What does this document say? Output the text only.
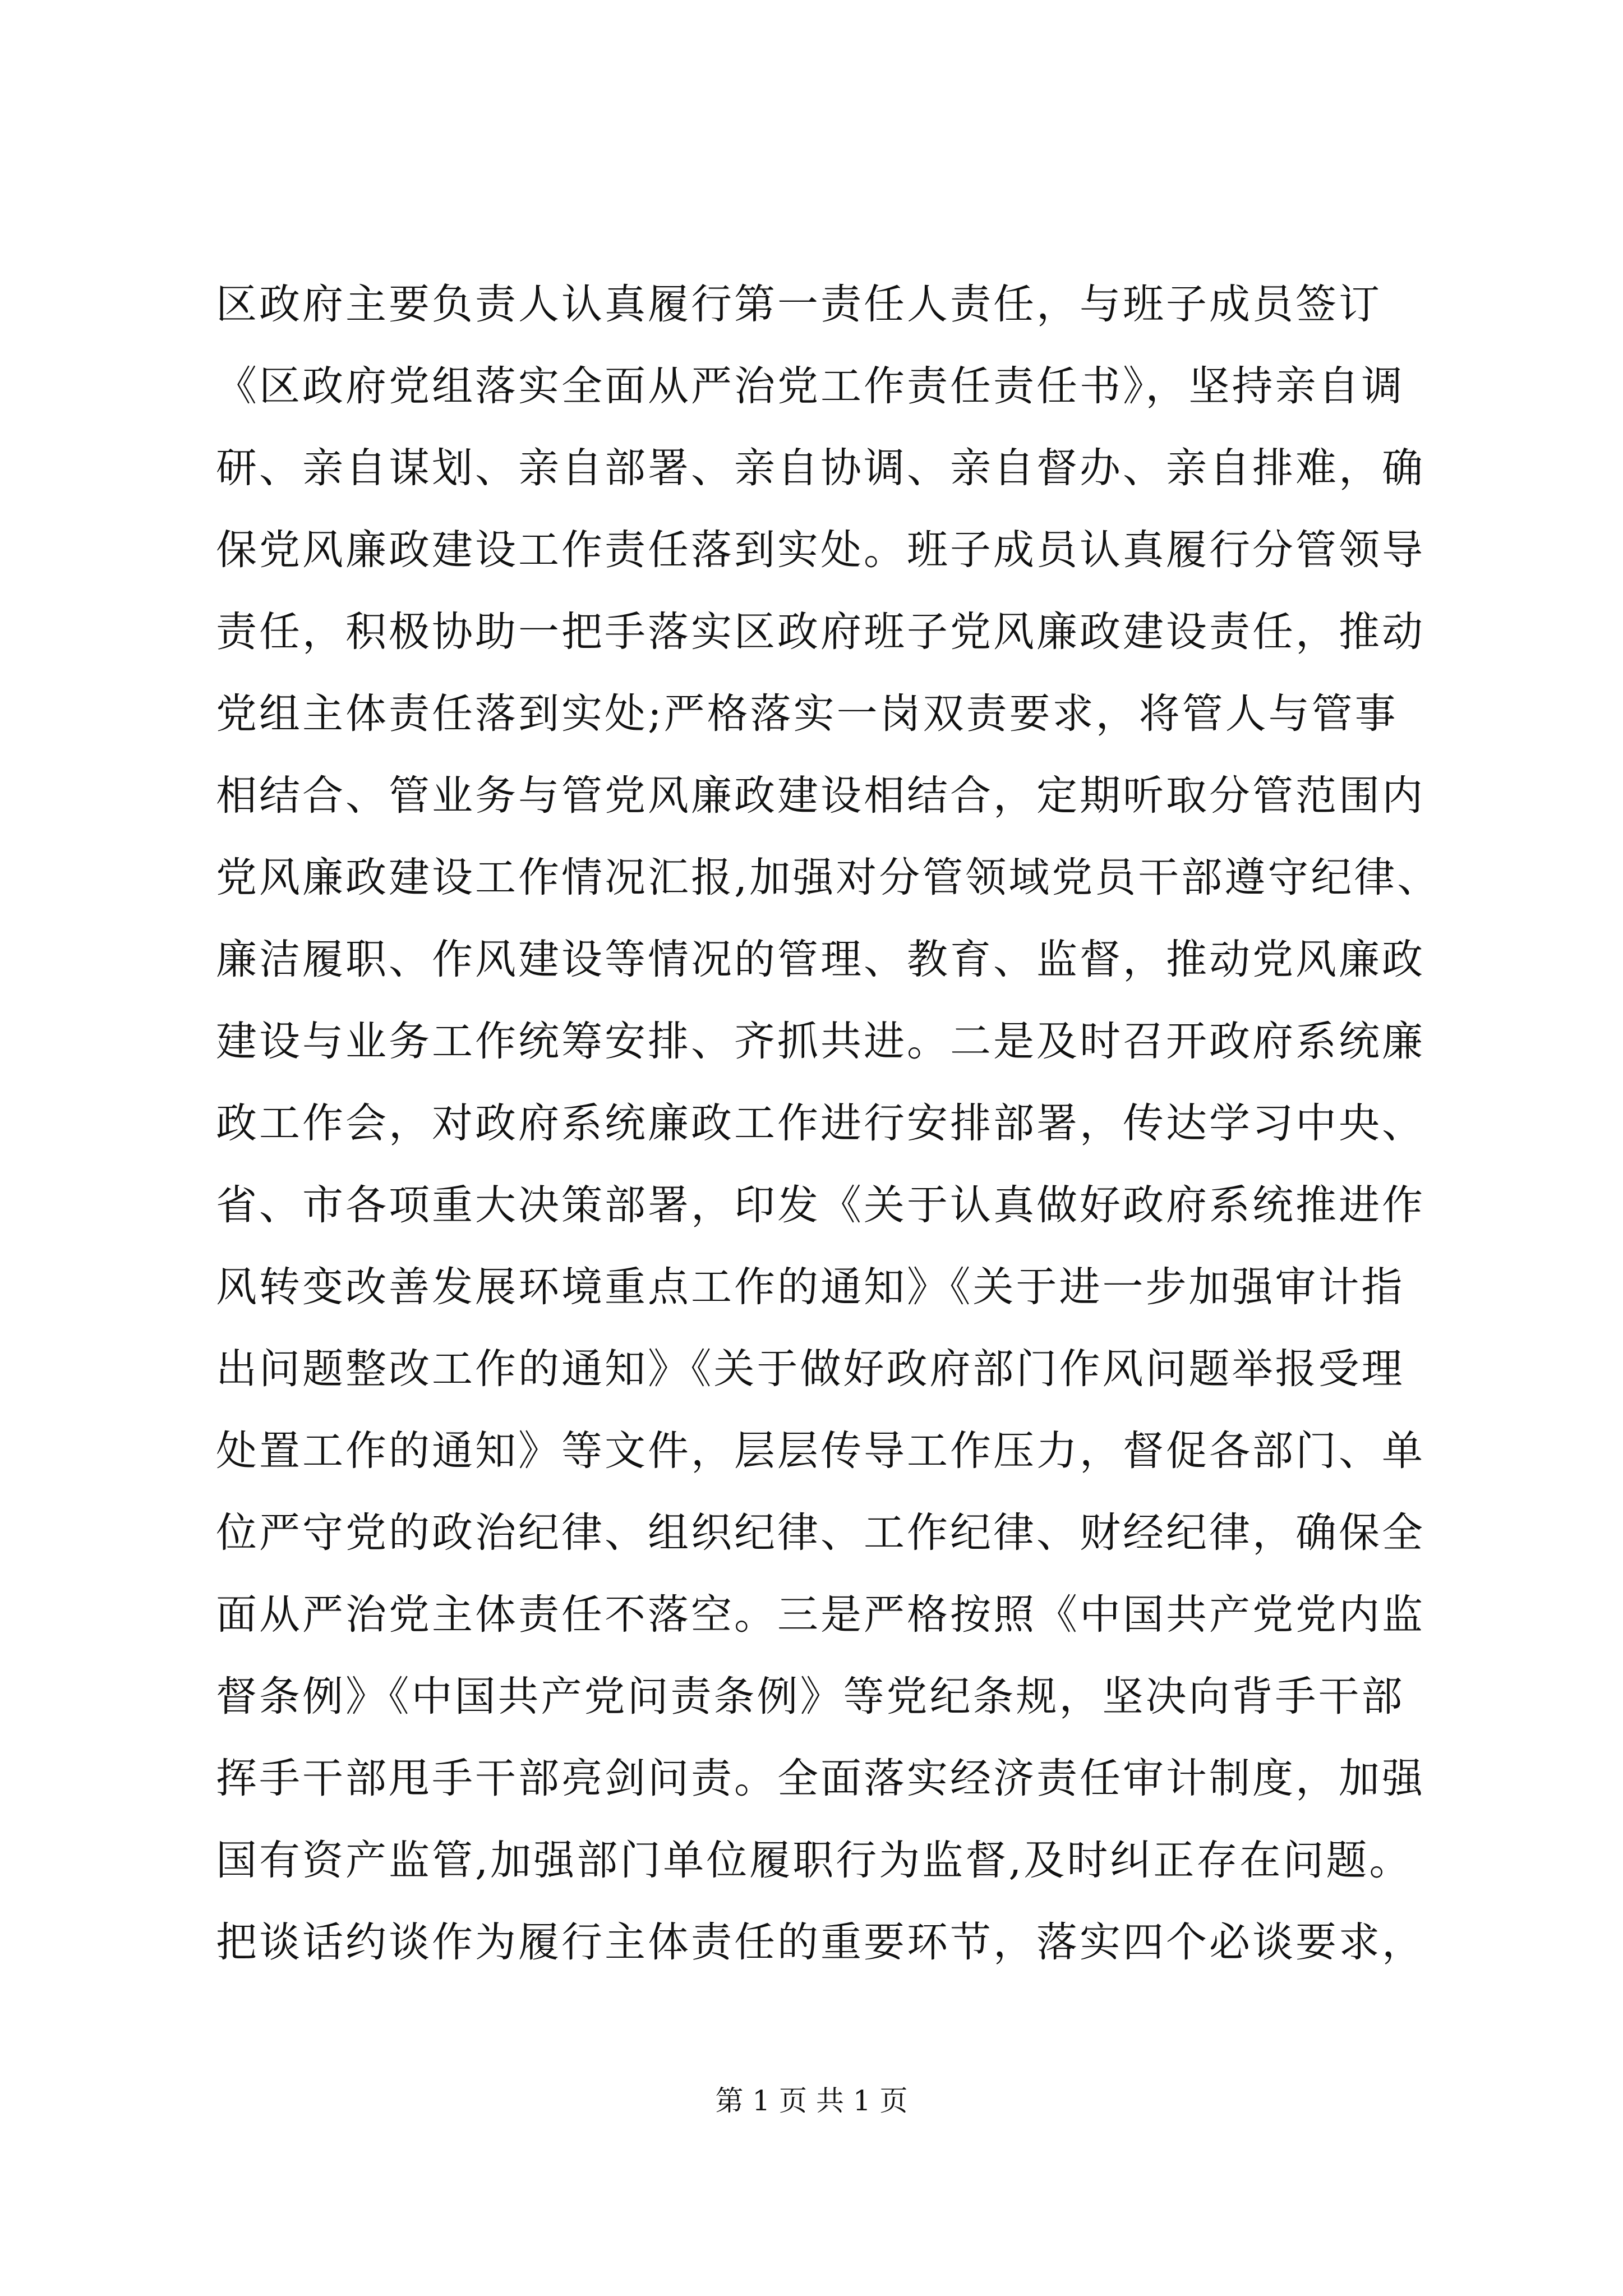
区政府主要负责人认真履行第一责任人责任，与班子成员签订
《区政府党组落实全面从严治党工作责任责任书》，坚持亲自调
研、亲自谋划、亲自部署、亲自协调、亲自督办、亲自排难，确
保党风廉政建设工作责任落到实处。班子成员认真履行分管领导
责任，积极协助一把手落实区政府班子党风廉政建设责任，推动
党组主体责任落到实处;严格落实一岗双责要求，将管人与管事
相结合、管业务与管党风廉政建设相结合，定期听取分管范围内
党风廉政建设工作情况汇报,加强对分管领域党员干部遵守纪律、
廉洁履职、作风建设等情况的管理、教育、监督，推动党风廉政
建设与业务工作统筹安排、齐抓共进。二是及时召开政府系统廉
政工作会，对政府系统廉政工作进行安排部署，传达学习中央、
省、市各项重大决策部署，印发《关于认真做好政府系统推进作
风转变改善发展环境重点工作的通知》《关于进一步加强审计指
出问题整改工作的通知》《关于做好政府部门作风问题举报受理
处置工作的通知》等文件，层层传导工作压力，督促各部门、单
位严守党的政治纪律、组织纪律、工作纪律、财经纪律，确保全
面从严治党主体责任不落空。三是严格按照《中国共产党党内监
督条例》《中国共产党问责条例》等党纪条规，坚决向背手干部
挥手干部甩手干部亮剑问责。全面落实经济责任审计制度，加强
国有资产监管,加强部门单位履职行为监督,及时纠正存在问题。
把谈话约谈作为履行主体责任的重要环节，落实四个必谈要求，
第 1 页 共 1 页
